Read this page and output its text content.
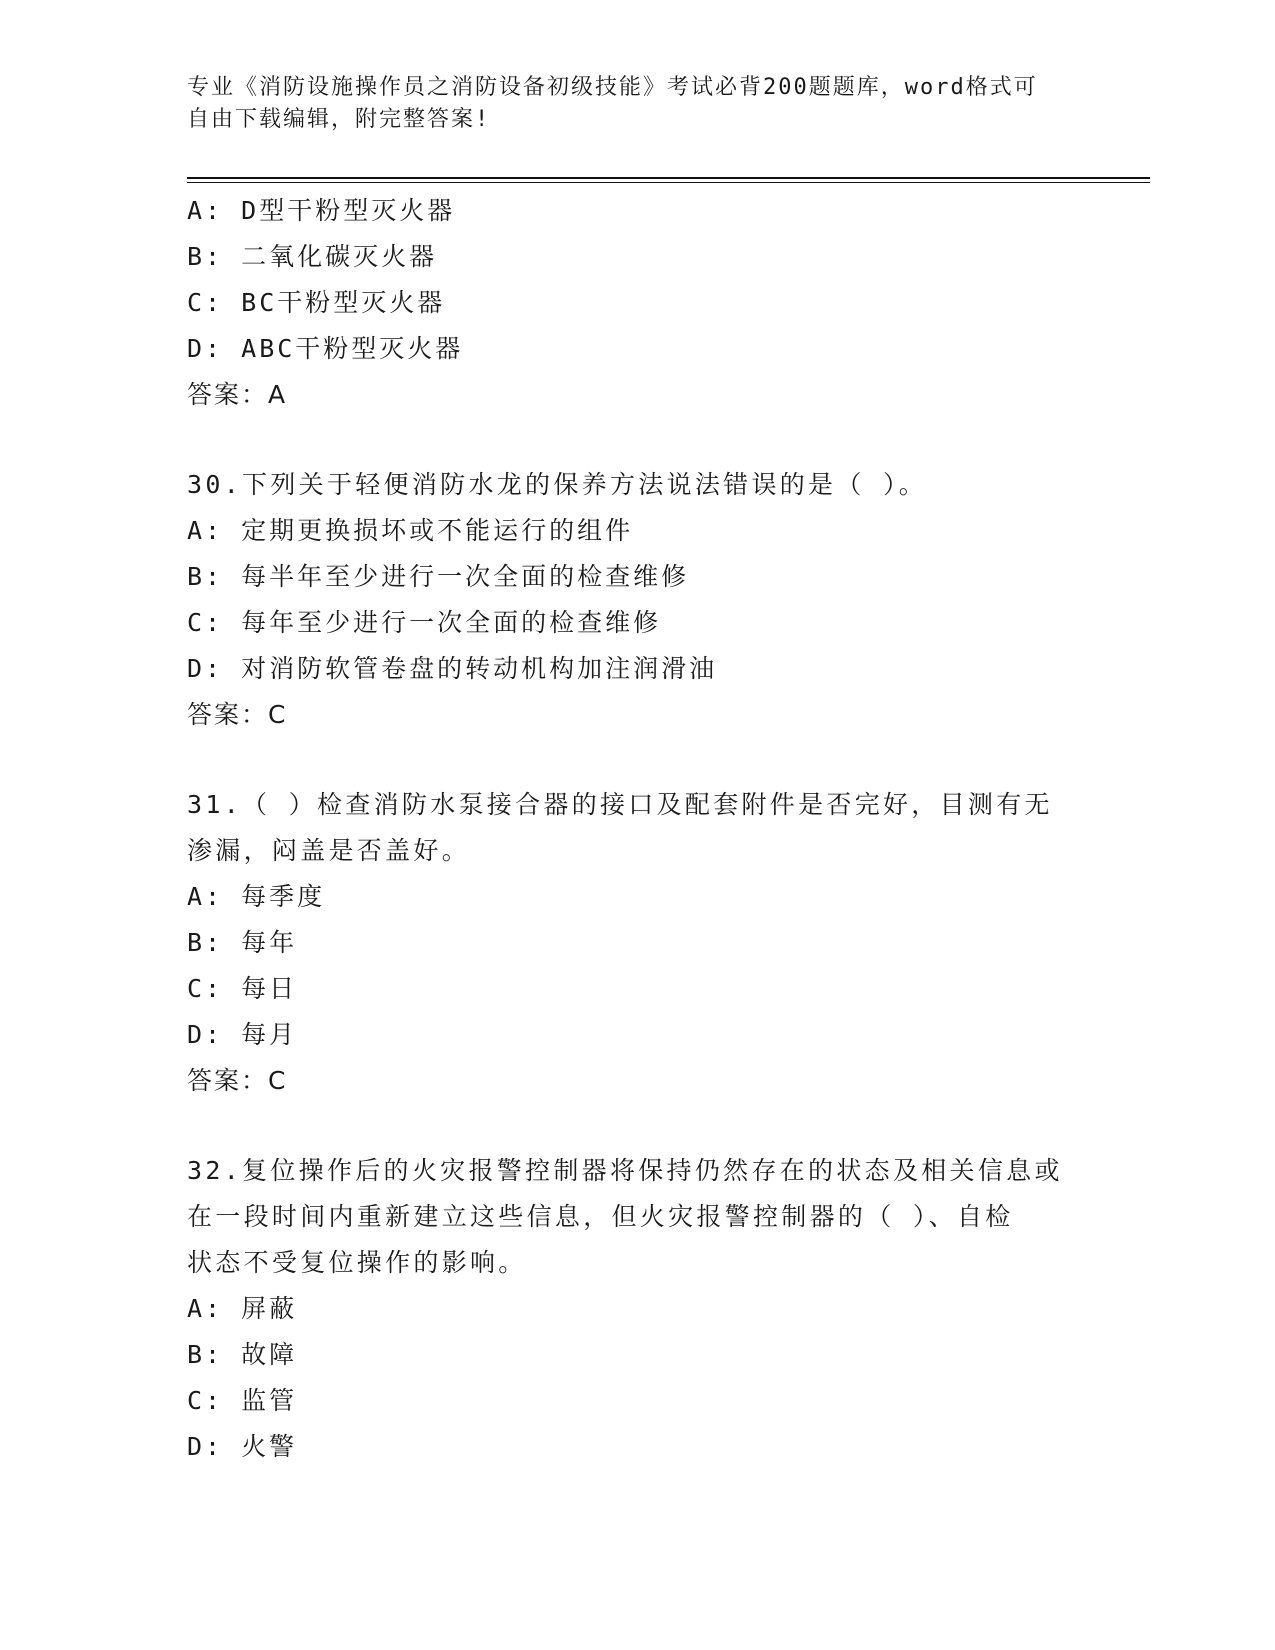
专业《消防设施操作员之消防设备初级技能》考试必背200题题库，word格式可
自由下载编辑，附完整答案!
A: D型干粉型灭火器
B: 二氧化碳灭火器
C: BC干粉型灭火器
D: ABC干粉型灭火器
答案：A
30.下列关于轻便消防水龙的保养方法说法错误的是（ ）。
A: 定期更换损坏或不能运行的组件
B: 每半年至少进行一次全面的检查维修
C: 每年至少进行一次全面的检查维修
D: 对消防软管卷盘的转动机构加注润滑油
答案：C
31.（ ）检查消防水泵接合器的接口及配套附件是否完好，目测有无
渗漏，闷盖是否盖好。
A: 每季度
B: 每年
C: 每日
D: 每月
答案：C
32.复位操作后的火灾报警控制器将保持仍然存在的状态及相关信息或
在一段时间内重新建立这些信息，但火灾报警控制器的（ ）、自检
状态不受复位操作的影响。
A: 屏蔽
B: 故障
C: 监管
D: 火警
